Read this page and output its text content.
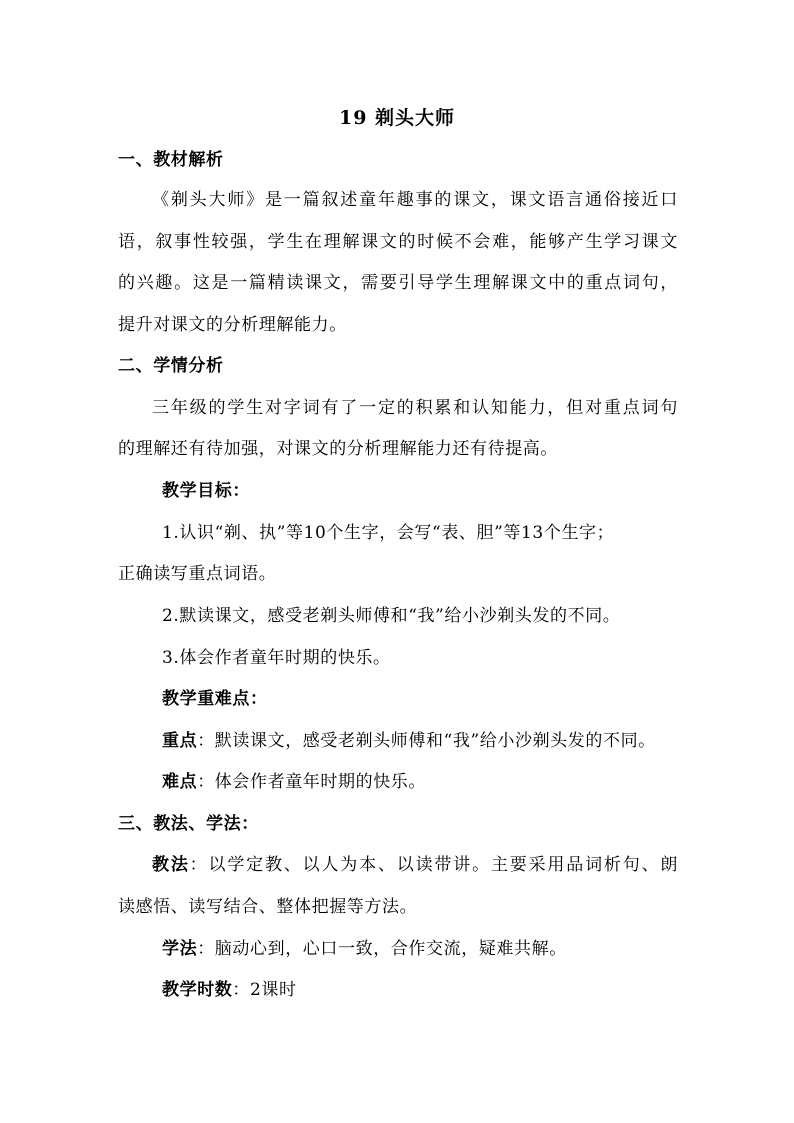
19 剃头大师
一、教材解析
《剃头大师》是一篇叙述童年趣事的课文，课文语言通俗接近口
语，叙事性较强，学生在理解课文的时候不会难，能够产生学习课文
的兴趣。这是一篇精读课文，需要引导学生理解课文中的重点词句，
提升对课文的分析理解能力。
二、学情分析
三年级的学生对字词有了一定的积累和认知能力，但对重点词句
的理解还有待加强，对课文的分析理解能力还有待提高。
教学目标：
1.认识“剃、执”等10个生字，会写“表、胆”等13个生字；
正确读写重点词语。
2.默读课文，感受老剃头师傅和“我”给小沙剃头发的不同。
3.体会作者童年时期的快乐。
教学重难点：
重点：默读课文，感受老剃头师傅和“我”给小沙剃头发的不同。
难点：体会作者童年时期的快乐。
三、教法、学法：
教法：以学定教、以人为本、以读带讲。主要采用品词析句、朗
读感悟、读写结合、整体把握等方法。
学法：脑动心到，心口一致，合作交流，疑难共解。
教学时数：2课时
